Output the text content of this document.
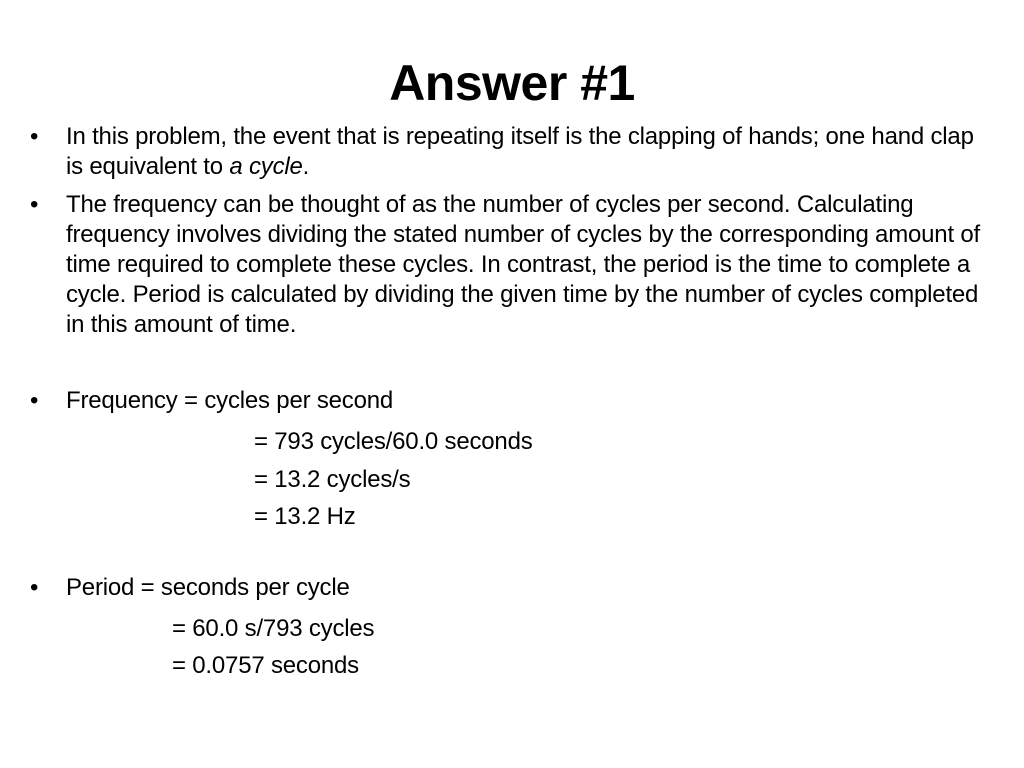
Answer #1
•	In this problem, the event that is repeating itself is the clapping of hands; one hand clap is equivalent to a cycle.
•	The frequency can be thought of as the number of cycles per second. Calculating frequency involves dividing the stated number of cycles by the corresponding amount of time required to complete these cycles. In contrast, the period is the time to complete a cycle. Period is calculated by dividing the given time by the number of cycles completed in this amount of time.
•	Frequency = cycles per second
= 793 cycles/60.0 seconds
= 13.2 cycles/s
= 13.2 Hz
•	Period = seconds per cycle
= 60.0 s/793 cycles
= 0.0757 seconds
